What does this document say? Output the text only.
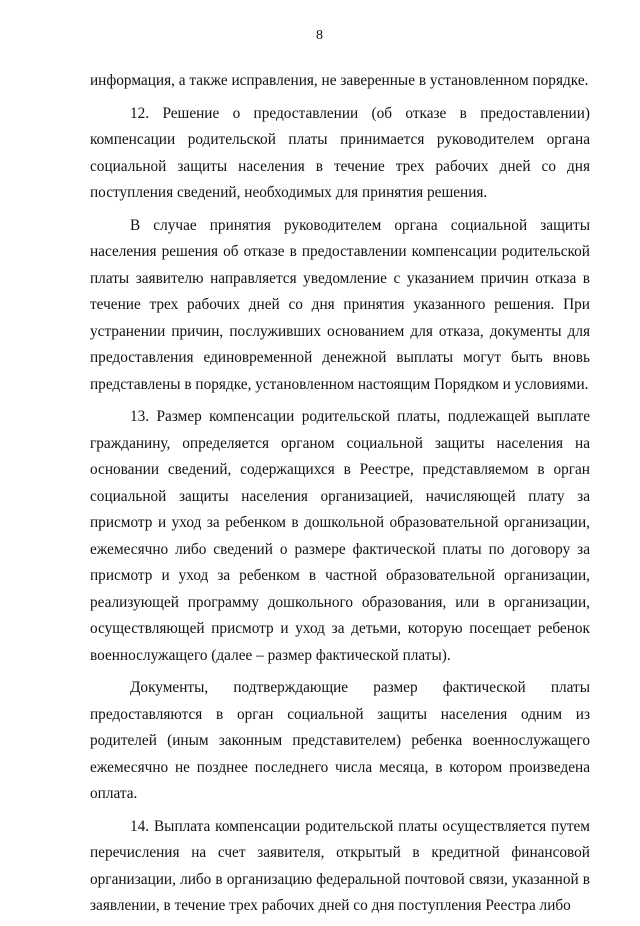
8

информация, а также исправления, не заверенные в установленном порядке.

12. Решение о предоставлении (об отказе в предоставлении) компенсации родительской платы принимается руководителем органа социальной защиты населения в течение трех рабочих дней со дня поступления сведений, необходимых для принятия решения.

В случае принятия руководителем органа социальной защиты населения решения об отказе в предоставлении компенсации родительской платы заявителю направляется уведомление с указанием причин отказа в течение трех рабочих дней со дня принятия указанного решения. При устранении причин, послуживших основанием для отказа, документы для предоставления единовременной денежной выплаты могут быть вновь представлены в порядке, установленном настоящим Порядком и условиями.

13. Размер компенсации родительской платы, подлежащей выплате гражданину, определяется органом социальной защиты населения на основании сведений, содержащихся в Реестре, представляемом в орган социальной защиты населения организацией, начисляющей плату за присмотр и уход за ребенком в дошкольной образовательной организации, ежемесячно либо сведений о размере фактической платы по договору за присмотр и уход за ребенком в частной образовательной организации, реализующей программу дошкольного образования, или в организации, осуществляющей присмотр и уход за детьми, которую посещает ребенок военнослужащего (далее – размер фактической платы).

Документы, подтверждающие размер фактической платы предоставляются в орган социальной защиты населения одним из родителей (иным законным представителем) ребенка военнослужащего ежемесячно не позднее последнего числа месяца, в котором произведена оплата.

14. Выплата компенсации родительской платы осуществляется путем перечисления на счет заявителя, открытый в кредитной финансовой организации, либо в организацию федеральной почтовой связи, указанной в заявлении, в течение трех рабочих дней со дня поступления Реестра либо
